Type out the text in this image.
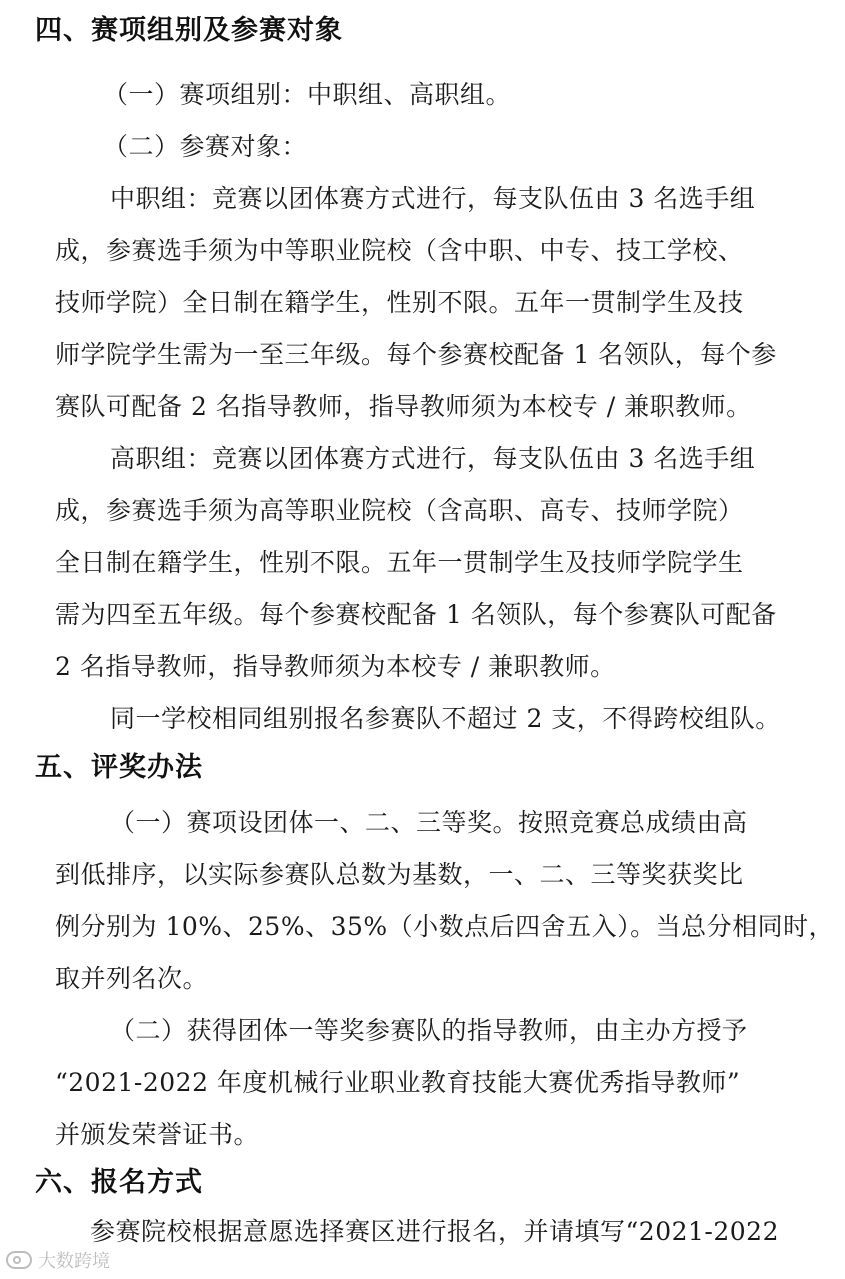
四、赛项组别及参赛对象
（一）赛项组别：中职组、高职组。
（二）参赛对象：
中职组：竞赛以团体赛方式进行，每支队伍由 3 名选手组
成，参赛选手须为中等职业院校（含中职、中专、技工学校、
技师学院）全日制在籍学生，性别不限。五年一贯制学生及技
师学院学生需为一至三年级。每个参赛校配备 1 名领队，每个参
赛队可配备 2 名指导教师，指导教师须为本校专 / 兼职教师。
高职组：竞赛以团体赛方式进行，每支队伍由 3 名选手组
成，参赛选手须为高等职业院校（含高职、高专、技师学院）
全日制在籍学生，性别不限。五年一贯制学生及技师学院学生
需为四至五年级。每个参赛校配备 1 名领队，每个参赛队可配备
2 名指导教师，指导教师须为本校专 / 兼职教师。
同一学校相同组别报名参赛队不超过 2 支，不得跨校组队。
五、评奖办法
（一）赛项设团体一、二、三等奖。按照竞赛总成绩由高
到低排序，以实际参赛队总数为基数，一、二、三等奖获奖比
例分别为 10%、25%、35%（小数点后四舍五入）。当总分相同时，
取并列名次。
（二）获得团体一等奖参赛队的指导教师，由主办方授予
“2021-2022 年度机械行业职业教育技能大赛优秀指导教师”
并颁发荣誉证书。
六、报名方式
参赛院校根据意愿选择赛区进行报名，并请填写“2021-2022
大数跨境
